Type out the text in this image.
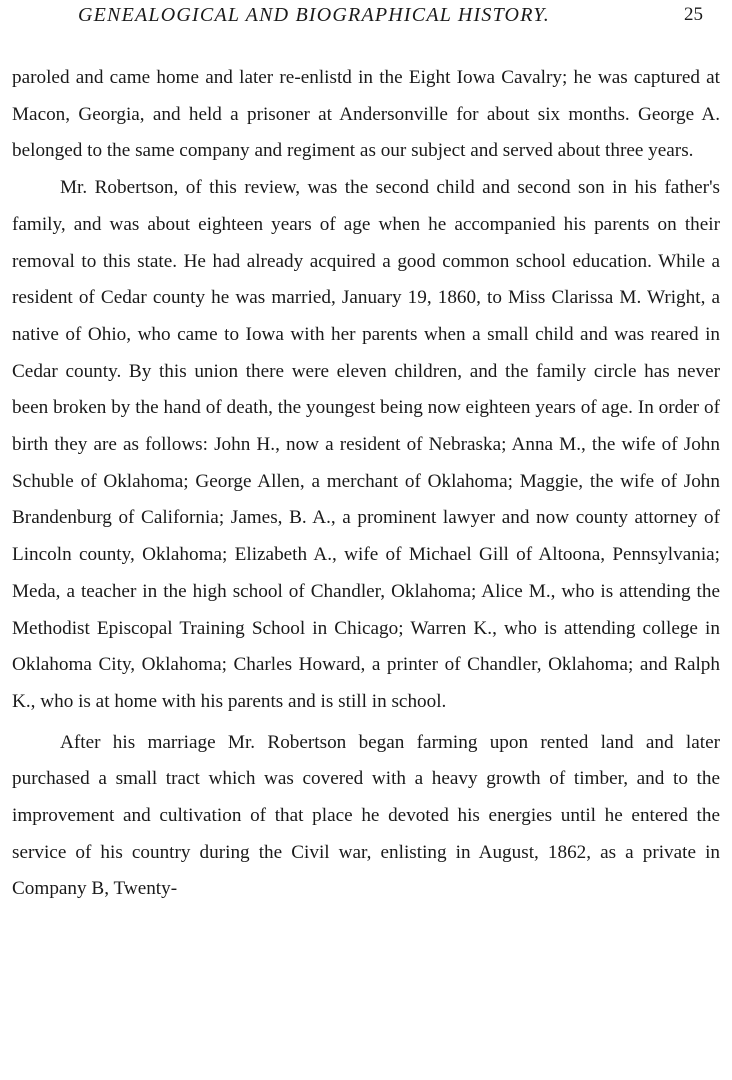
GENEALOGICAL AND BIOGRAPHICAL HISTORY.	25

paroled and came home and later re-enlistd in the Eight Iowa Cavalry; he was captured at Macon, Georgia, and held a prisoner at Andersonville for about six months. George A. belonged to the same company and regiment as our subject and served about three years.

Mr. Robertson, of this review, was the second child and second son in his father's family, and was about eighteen years of age when he accompanied his parents on their removal to this state. He had already acquired a good common school education. While a resident of Cedar county he was married, January 19, 1860, to Miss Clarissa M. Wright, a native of Ohio, who came to Iowa with her parents when a small child and was reared in Cedar county. By this union there were eleven children, and the family circle has never been broken by the hand of death, the youngest being now eighteen years of age. In order of birth they are as follows: John H., now a resident of Nebraska; Anna M., the wife of John Schuble of Oklahoma; George Allen, a merchant of Oklahoma; Maggie, the wife of John Brandenburg of California; James, B. A., a prominent lawyer and now county attorney of Lincoln county, Oklahoma; Elizabeth A., wife of Michael Gill of Altoona, Pennsylvania; Meda, a teacher in the high school of Chandler, Oklahoma; Alice M., who is attending the Methodist Episcopal Training School in Chicago; Warren K., who is attending college in Oklahoma City, Oklahoma; Charles Howard, a printer of Chandler, Oklahoma; and Ralph K., who is at home with his parents and is still in school.

After his marriage Mr. Robertson began farming upon rented land and later purchased a small tract which was covered with a heavy growth of timber, and to the improvement and cultivation of that place he devoted his energies until he entered the service of his country during the Civil war, enlisting in August, 1862, as a private in Company B, Twenty-
